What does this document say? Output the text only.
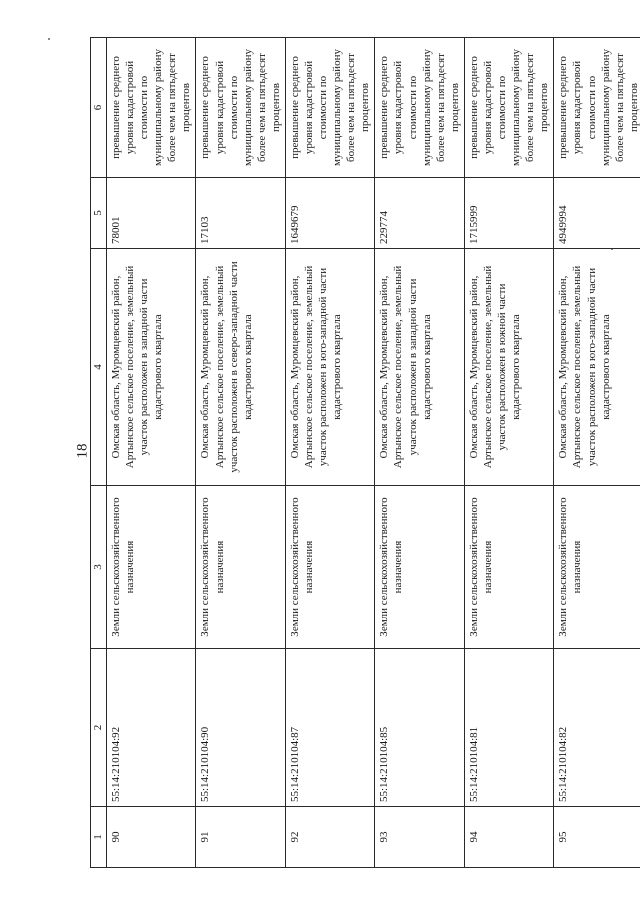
18
1	2	3	4	5	6
90	55:14:210104:92	Земли сельскохозяйственного назначения	Омская область, Муромцевский район, Артынское сельское поселение, земельный участок расположен в западной части кадастрового квартала	78001	превышение среднего уровня кадастровой стоимости по муниципальному району более чем на пятьдесят процентов
91	55:14:210104:90	Земли сельскохозяйственного назначения	Омская область, Муромцевский район, Артынское сельское поселение, земельный участок расположен в северо-западной части кадастрового квартала	17103	превышение среднего уровня кадастровой стоимости по муниципальному району более чем на пятьдесят процентов
92	55:14:210104:87	Земли сельскохозяйственного назначения	Омская область, Муромцевский район, Артынское сельское поселение, земельный участок расположен в юго-западной части кадастрового квартала	1649679	превышение среднего уровня кадастровой стоимости по муниципальному району более чем на пятьдесят процентов
93	55:14:210104:85	Земли сельскохозяйственного назначения	Омская область, Муромцевский район, Артынское сельское поселение, земельный участок расположен в западной части кадастрового квартала	229774	превышение среднего уровня кадастровой стоимости по муниципальному району более чем на пятьдесят процентов
94	55:14:210104:81	Земли сельскохозяйственного назначения	Омская область, Муромцевский район, Артынское сельское поселение, земельный участок расположен в южной части кадастрового квартала	1715999	превышение среднего уровня кадастровой стоимости по муниципальному району более чем на пятьдесят процентов
95	55:14:210104:82	Земли сельскохозяйственного назначения	Омская область, Муромцевский район, Артынское сельское поселение, земельный участок расположен в юго-западной части кадастрового квартала	4949994	превышение среднего уровня кадастровой стоимости по муниципальному району более чем на пятьдесят процентов
